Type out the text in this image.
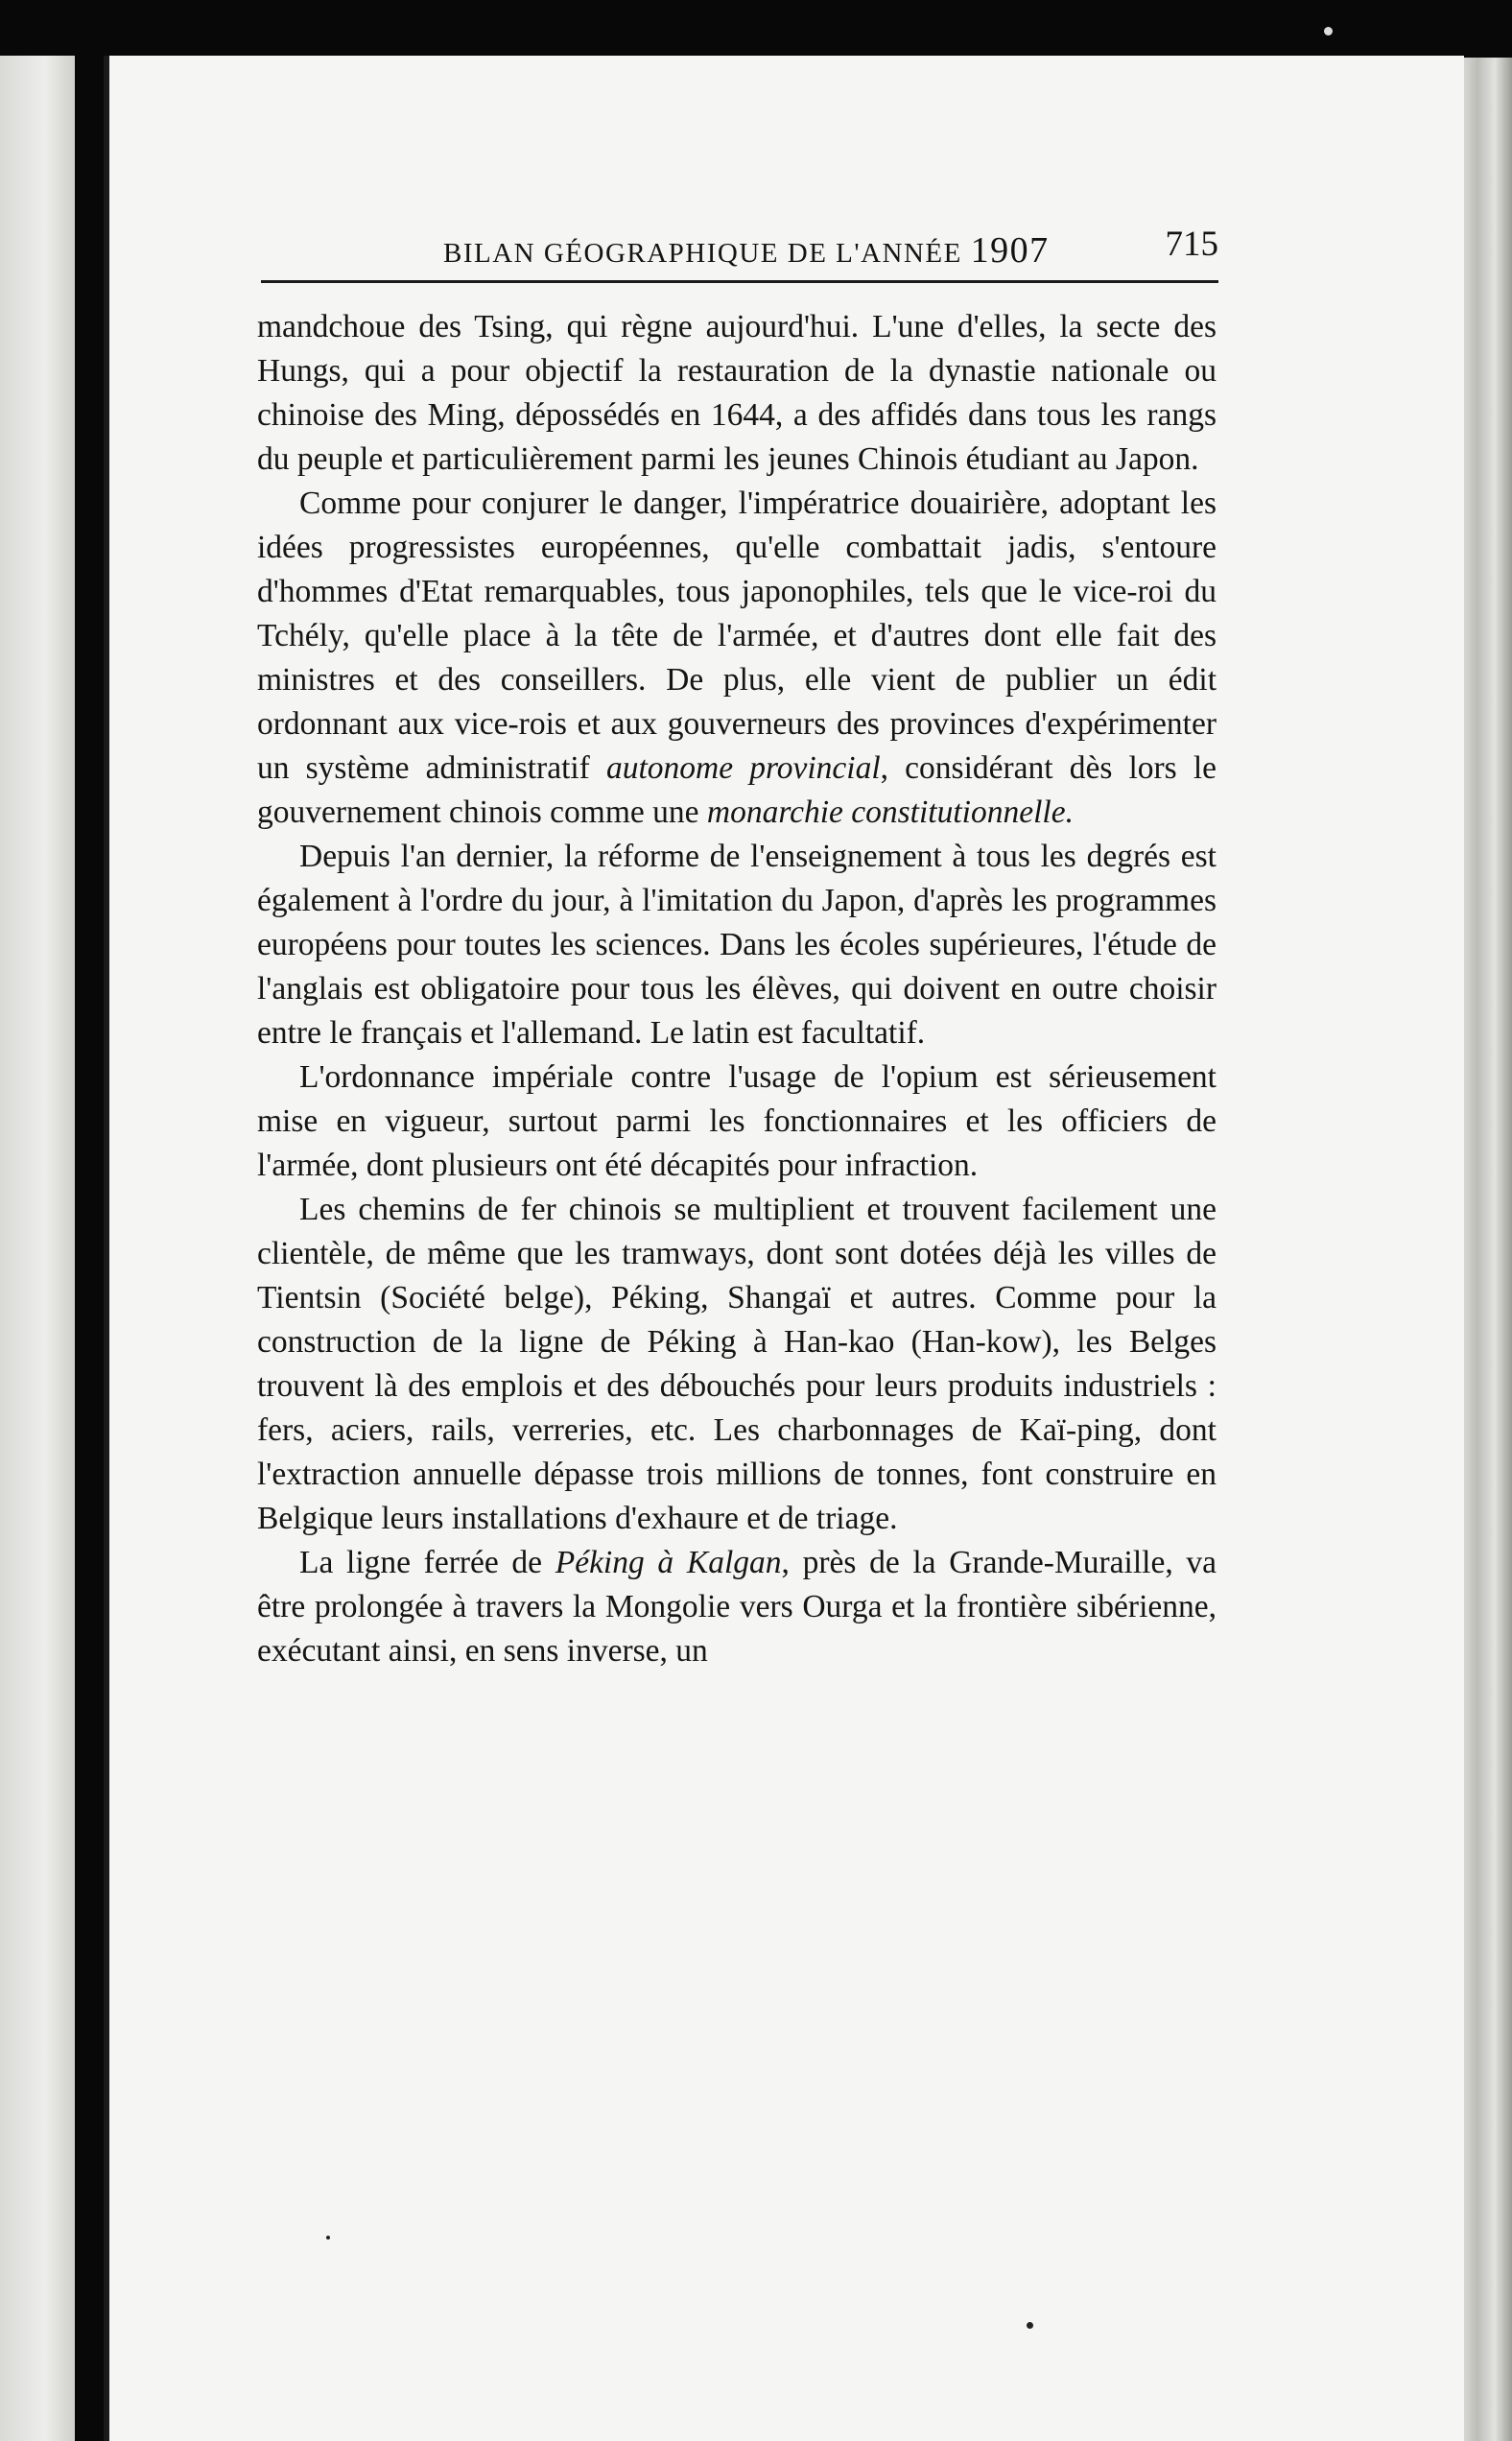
BILAN GÉOGRAPHIQUE DE L'ANNÉE 1907	715

mandchoue des Tsing, qui règne aujourd'hui. L'une d'elles, la secte des Hungs, qui a pour objectif la restauration de la dynastie nationale ou chinoise des Ming, dépossédés en 1644, a des affidés dans tous les rangs du peuple et particulièrement parmi les jeunes Chinois étudiant au Japon.

Comme pour conjurer le danger, l'impératrice douairière, adoptant les idées progressistes européennes, qu'elle combattait jadis, s'entoure d'hommes d'Etat remarquables, tous japonophiles, tels que le vice-roi du Tchély, qu'elle place à la tête de l'armée, et d'autres dont elle fait des ministres et des conseillers. De plus, elle vient de publier un édit ordonnant aux vice-rois et aux gouverneurs des provinces d'expérimenter un système administratif autonome provincial, considérant dès lors le gouvernement chinois comme une monarchie constitutionnelle.

Depuis l'an dernier, la réforme de l'enseignement à tous les degrés est également à l'ordre du jour, à l'imitation du Japon, d'après les programmes européens pour toutes les sciences. Dans les écoles supérieures, l'étude de l'anglais est obligatoire pour tous les élèves, qui doivent en outre choisir entre le français et l'allemand. Le latin est facultatif.

L'ordonnance impériale contre l'usage de l'opium est sérieusement mise en vigueur, surtout parmi les fonctionnaires et les officiers de l'armée, dont plusieurs ont été décapités pour infraction.

Les chemins de fer chinois se multiplient et trouvent facilement une clientèle, de même que les tramways, dont sont dotées déjà les villes de Tientsin (Société belge), Péking, Shangaï et autres. Comme pour la construction de la ligne de Péking à Han-kao (Han-kow), les Belges trouvent là des emplois et des débouchés pour leurs produits industriels : fers, aciers, rails, verreries, etc. Les charbonnages de Kaï-ping, dont l'extraction annuelle dépasse trois millions de tonnes, font construire en Belgique leurs installations d'exhaure et de triage.

La ligne ferrée de Péking à Kalgan, près de la Grande-Muraille, va être prolongée à travers la Mongolie vers Ourga et la frontière sibérienne, exécutant ainsi, en sens inverse, un
